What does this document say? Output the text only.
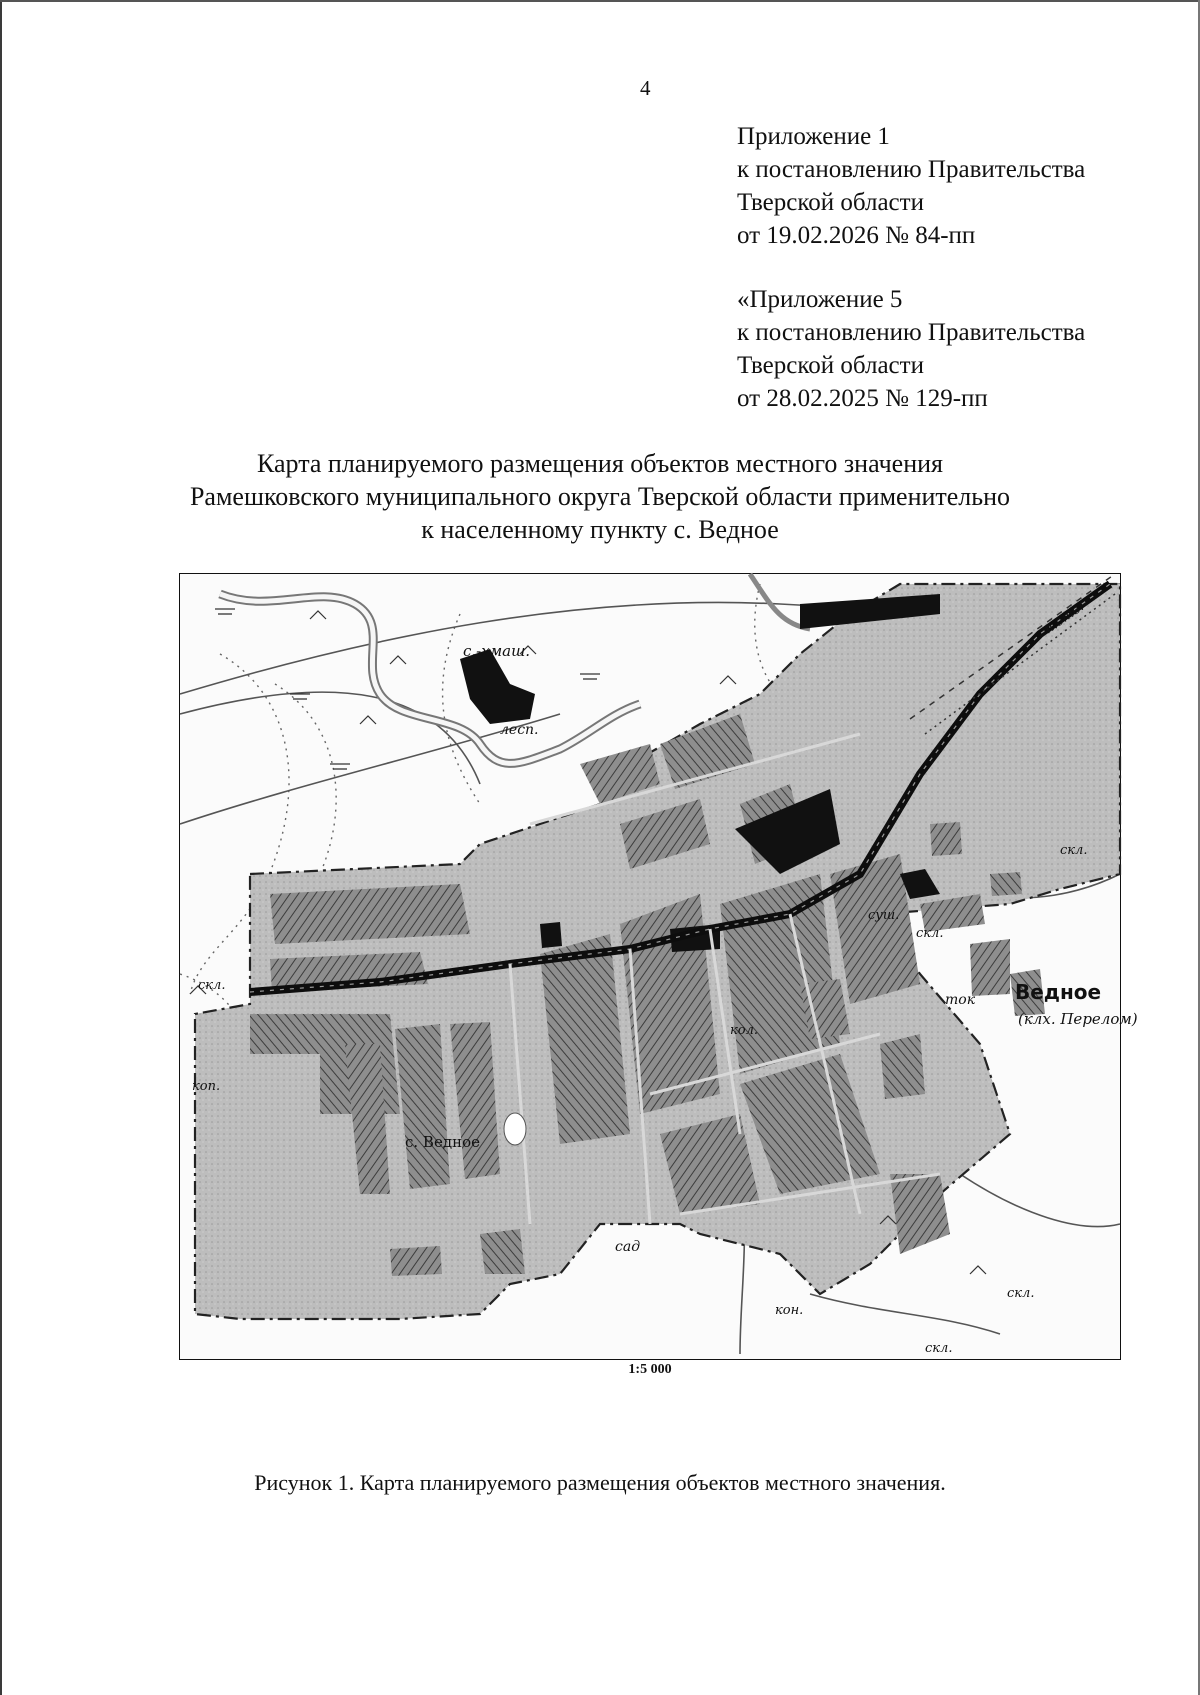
4
Приложение 1
к постановлению Правительства
Тверской области
от 19.02.2026 № 84-пп
«Приложение 5
к постановлению Правительства
Тверской области
от 28.02.2025 № 129-пп
Карта планируемого размещения объектов местного значения
Рамешковского муниципального округа Тверской области применительно
к населенному пункту с. Ведное
с.-хмаш.
лесп.
скл.
коп.
с. Ведное
сад
кол.
ток
суш.
скл.
скл.
скл.
скл.
п.отв.
кон.
Ведное
(клх. Перелом)
1:5 000
Рисунок 1. Карта планируемого размещения объектов местного значения.
